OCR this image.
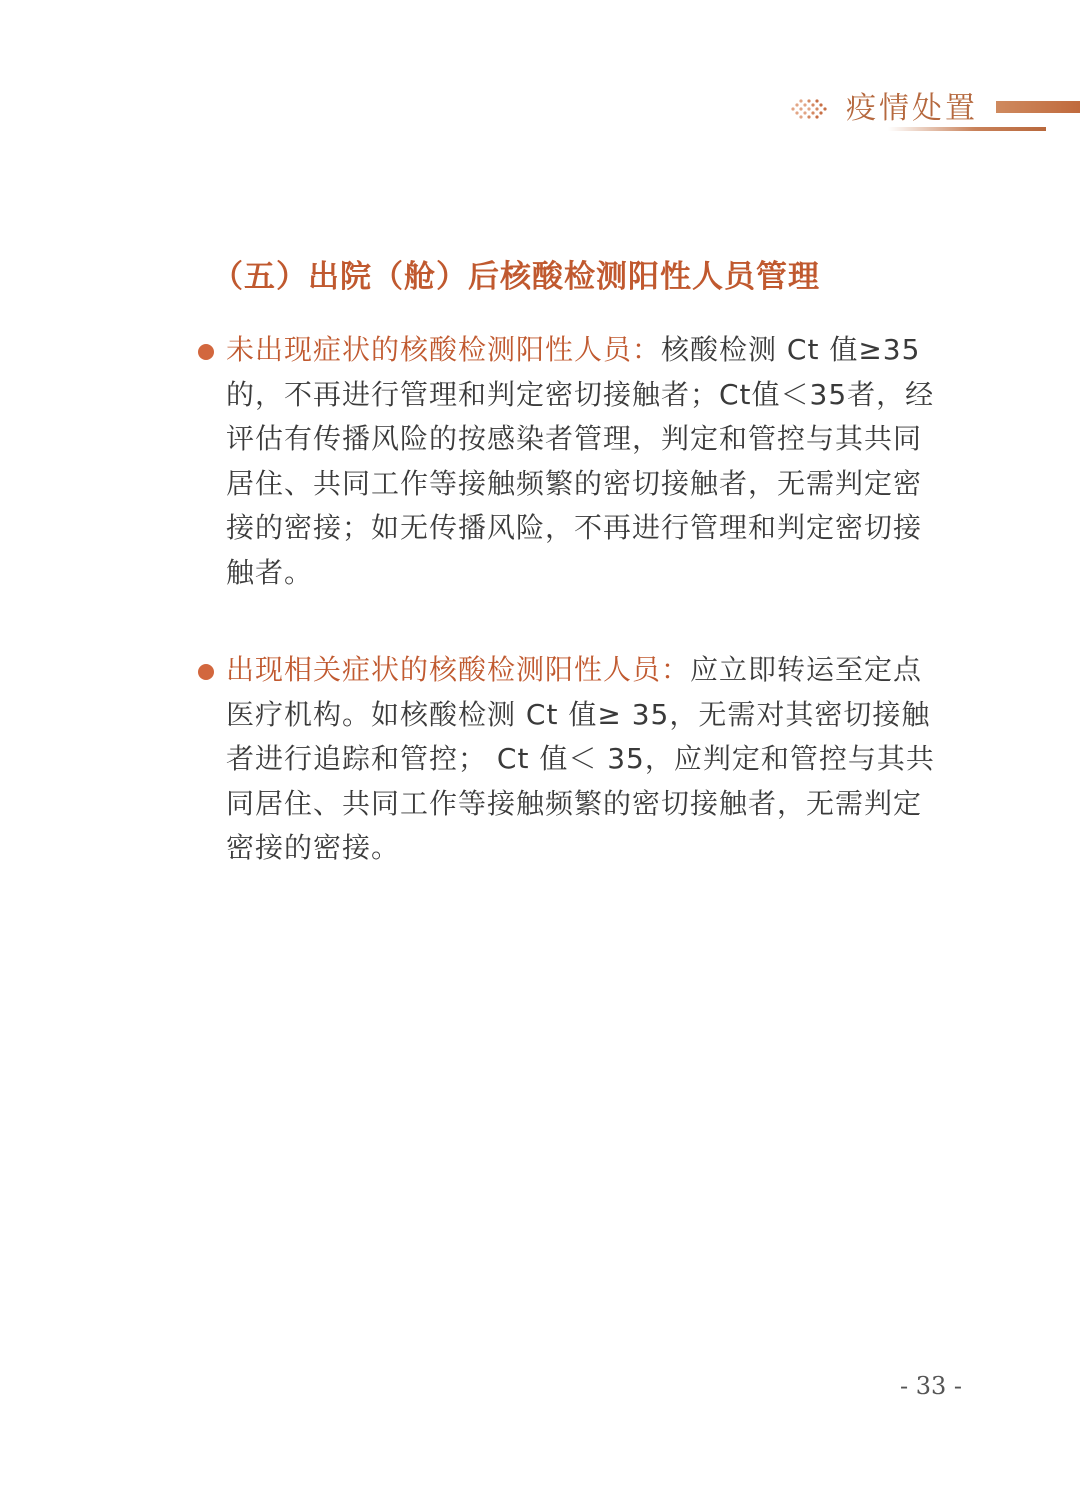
疫情处置
（五）出院（舱）后核酸检测阳性人员管理
未出现症状的核酸检测阳性人员：核酸检测 Ct 值≥35的，不再进行管理和判定密切接触者；Ct值＜35者，经评估有传播风险的按感染者管理，判定和管控与其共同居住、共同工作等接触频繁的密切接触者，无需判定密接的密接；如无传播风险，不再进行管理和判定密切接触者。
出现相关症状的核酸检测阳性人员：应立即转运至定点医疗机构。如核酸检测 Ct 值≥ 35，无需对其密切接触者进行追踪和管控； Ct 值＜ 35，应判定和管控与其共同居住、共同工作等接触频繁的密切接触者，无需判定密接的密接。
- 33 -
